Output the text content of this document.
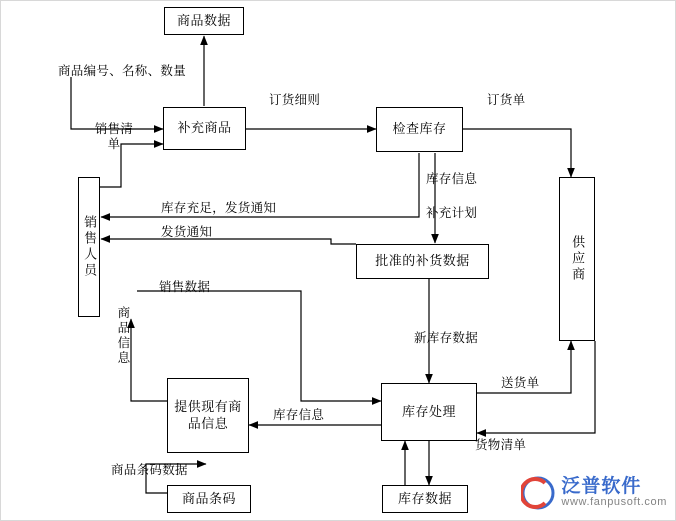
商品数据
补充商品	检查库存
销售人员	供应商
批准的补货数据
提供现有商品信息
库存处理
商品条码	库存数据
商品编号、名称、数量
订货细则	订货单
销售清单
库存充足，发货通知
发货通知
库存信息
补充计划
销售数据
商品信息
新库存数据
送货单
库存信息
货物清单
商品条码数据
泛普软件
www.fanpusoft.com
